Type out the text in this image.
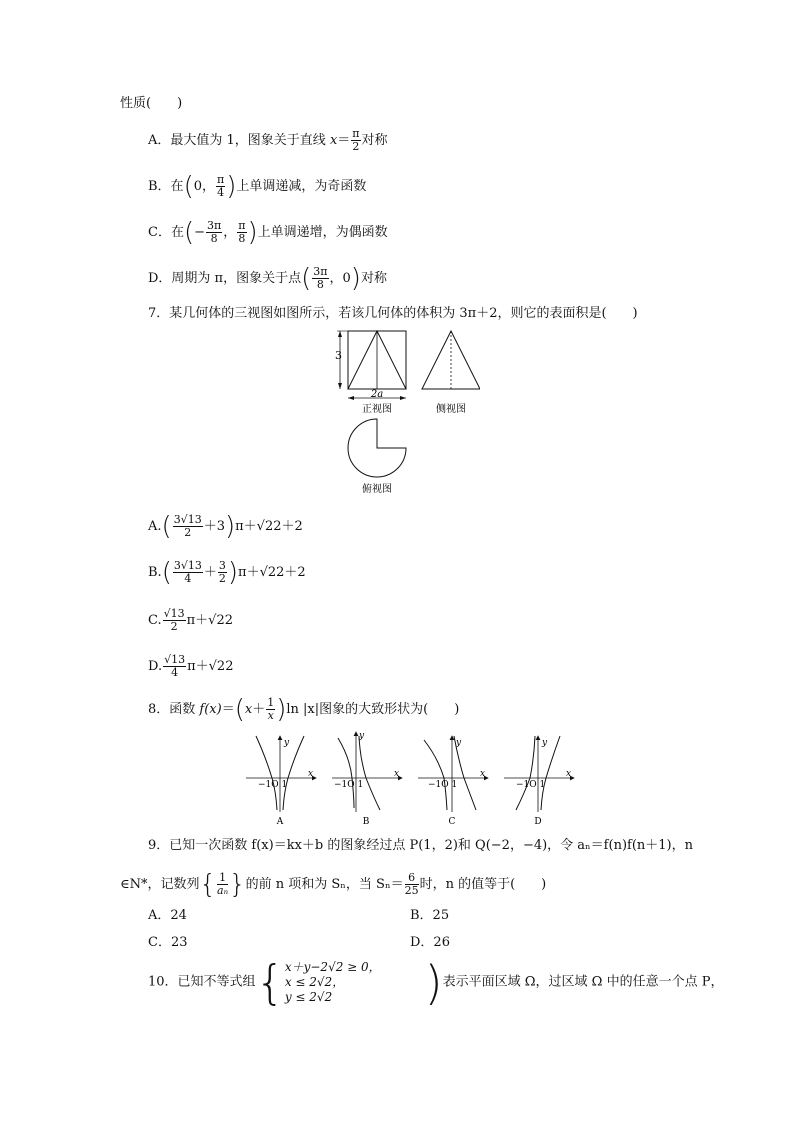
性质(　　)
A．最大值为 1，图象关于直线 $x= \frac{\pi}{2}$ 对称
B．在(0， $\frac{\pi}{4}$ )上单调递减，为奇函数
C．在(− $\frac{3\pi}{8}$ ， $\frac{\pi}{8}$ )上单调递增，为偶函数
D．周期为 π，图象关于点( $\frac{3\pi}{8}$ ，0)对称
7．某几何体的三视图如图所示，若该几何体的体积为 3π＋2，则它的表面积是(　　)
3
2a
正视图	侧视图
俯视图
$A.( \frac{3√13}{2} +3)\pi+√22+2$
$B.( \frac{3√13}{4} + \frac{3}{2} )\pi+√22+2$
C. $\frac{√13}{2} \pi+√22$
D. $\frac{√13}{4} \pi+√22$
8．函数 $f(x)=(x+ \frac{1}{x} )\ln$ |x|图象的大致形状为(　　)
y
x
−1O 1
A
y
x
−1O 1
B
y
x
−1O 1
C
y
x
−1O 1
D
9．已知一次函数 f(x)＝kx＋b 的图象经过点 P(1，2)和 Q(−2，−4)，令 aₙ＝f(n)f(n＋1)，n
∈N*，记数列{ $\frac{1}{\text{aₙ}}$ }的前 n 项和为 Sₙ，当 $S_n= \frac{6}{25}$ 时，n 的值等于(　　)
A．24	B．25
C．23	D．26
10．已知不等式组{ x＋y−2√2 ≥ 0，
x ≤ 2√2，
y ≤ 2√2	)表示平面区域 Ω，过区域 Ω 中的任意一个点 P，
